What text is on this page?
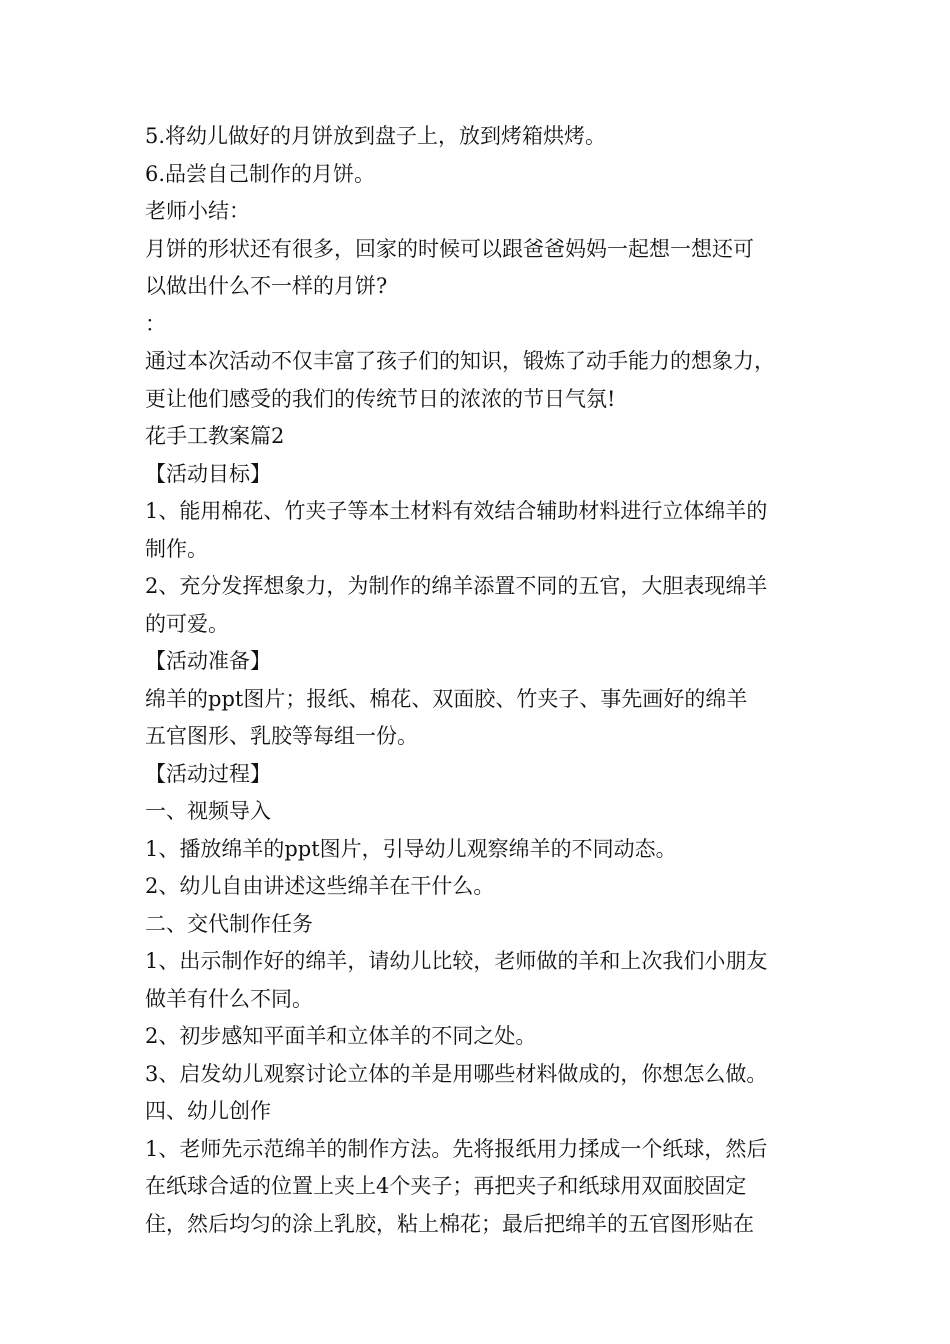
5.将幼儿做好的月饼放到盘子上，放到烤箱烘烤。
6.品尝自己制作的月饼。
老师小结：
月饼的形状还有很多，回家的时候可以跟爸爸妈妈一起想一想还可
以做出什么不一样的月饼?
：
通过本次活动不仅丰富了孩子们的知识，锻炼了动手能力的想象力，
更让他们感受的我们的传统节日的浓浓的节日气氛!
花手工教案篇2
【活动目标】
1、能用棉花、竹夹子等本土材料有效结合辅助材料进行立体绵羊的
制作。
2、充分发挥想象力，为制作的绵羊添置不同的五官，大胆表现绵羊
的可爱。
【活动准备】
绵羊的ppt图片；报纸、棉花、双面胶、竹夹子、事先画好的绵羊
五官图形、乳胶等每组一份。
【活动过程】
一、视频导入
1、播放绵羊的ppt图片，引导幼儿观察绵羊的不同动态。
2、幼儿自由讲述这些绵羊在干什么。
二、交代制作任务
1、出示制作好的绵羊，请幼儿比较，老师做的羊和上次我们小朋友
做羊有什么不同。
2、初步感知平面羊和立体羊的不同之处。
3、启发幼儿观察讨论立体的羊是用哪些材料做成的，你想怎么做。
四、幼儿创作
1、老师先示范绵羊的制作方法。先将报纸用力揉成一个纸球，然后
在纸球合适的位置上夹上4个夹子；再把夹子和纸球用双面胶固定
住，然后均匀的涂上乳胶，粘上棉花；最后把绵羊的五官图形贴在
